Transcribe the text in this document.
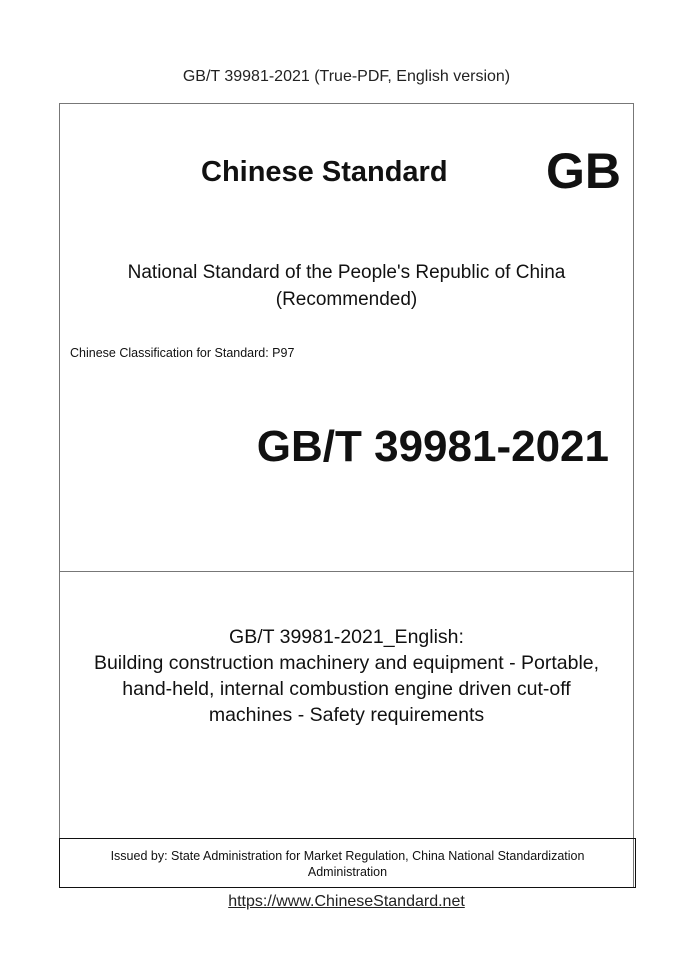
GB/T 39981-2021 (True-PDF, English version)
Chinese Standard GB
National Standard of the People's Republic of China
(Recommended)
Chinese Classification for Standard: P97
GB/T 39981-2021
GB/T 39981-2021_English:
Building construction machinery and equipment - Portable,
hand-held, internal combustion engine driven cut-off
machines - Safety requirements
Issued by: State Administration for Market Regulation, China National Standardization
Administration
https://www.ChineseStandard.net
